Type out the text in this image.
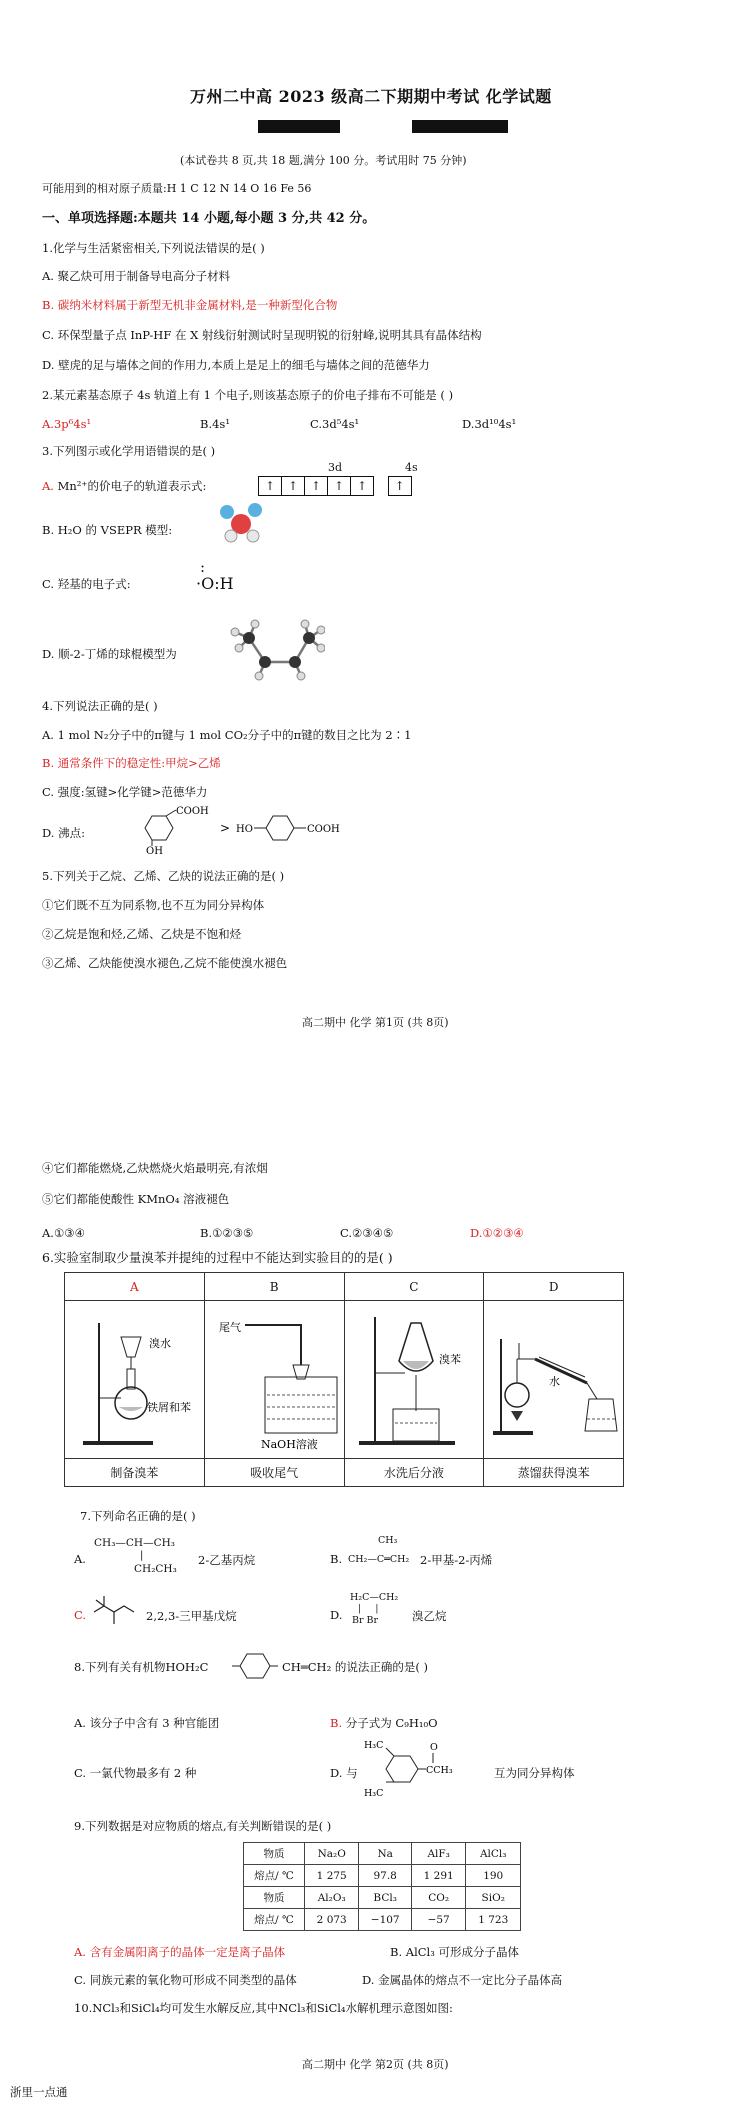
万州二中高 2023 级高二下期期中考试 化学试题
(本试卷共 8 页,共 18 题,满分 100 分。考试用时 75 分钟)
可能用到的相对原子质量:H 1 C 12 N 14 O 16 Fe 56
一、单项选择题:本题共 14 小题,每小题 3 分,共 42 分。
1.化学与生活紧密相关,下列说法错误的是( )
A. 聚乙炔可用于制备导电高分子材料
B. 碳纳米材料属于新型无机非金属材料,是一种新型化合物
C. 环保型量子点 InP-HF 在 X 射线衍射测试时呈现明锐的衍射峰,说明其具有晶体结构
D. 壁虎的足与墙体之间的作用力,本质上是足上的细毛与墙体之间的范德华力
2.某元素基态原子 4s 轨道上有 1 个电子,则该基态原子的价电子排布不可能是 ( )
A.3p⁶4s¹	B.4s¹	C.3d⁵4s¹	D.3d¹⁰4s¹
3.下列图示或化学用语错误的是( )
3d	4s
A. Mn²⁺的价电子的轨道表示式:	↑ ↑ ↑ ↑ ↑ ↑
B. H₂O 的 VSEPR 模型:
C. 羟基的电子式:
:
·O:H
D. 顺-2-丁烯的球棍模型为
4.下列说法正确的是( )
A. 1 mol N₂分子中的π键与 1 mol CO₂分子中的π键的数目之比为 2∶1
B. 通常条件下的稳定性:甲烷>乙烯
C. 强度:氢键>化学键>范德华力
D. 沸点:
COOH
OH
> HO	COOH
5.下列关于乙烷、乙烯、乙炔的说法正确的是( )
①它们既不互为同系物,也不互为同分异构体
②乙烷是饱和烃,乙烯、乙炔是不饱和烃
③乙烯、乙炔能使溴水褪色,乙烷不能使溴水褪色
高二期中 化学 第1页 (共 8页)
④它们都能燃烧,乙炔燃烧火焰最明亮,有浓烟
⑤它们都能使酸性 KMnO₄ 溶液褪色
A.①③④	B.①②③⑤	C.②③④⑤	D.①②③④
6.实验室制取少量溴苯并提纯的过程中不能达到实验目的的是( )
A	B	C	D

溴水
铁屑和苯	尾气
NaOH溶液	溴苯	水

制备溴苯	吸收尾气	水洗后分液	蒸馏获得溴苯
7.下列命名正确的是( )
A.
CH₃—CH—CH₃
|
CH₂CH₃
2-乙基丙烷	B.
CH₃
CH₂—C═CH₂ 2-甲基-2-丙烯
C.	2,2,3-三甲基戊烷	D.
H₂C—CH₂
|     |
Br Br	溴乙烷
8.下列有关有机物HOH₂C	CH═CH₂ 的说法正确的是( )
A. 该分子中含有 3 种官能团	B. 分子式为 C₉H₁₀O
C. 一氯代物最多有 2 种	D. 与
H₃C
H₃C
O
CCH₃	互为同分异构体
9.下列数据是对应物质的熔点,有关判断错误的是( )
物质	Na₂O	Na	AlF₃	AlCl₃
熔点/ ℃	1 275	97.8	1 291	190
物质	Al₂O₃	BCl₃	CO₂	SiO₂
熔点/ ℃	2 073	−107	−57	1 723
A. 含有金属阳离子的晶体一定是离子晶体	B. AlCl₃ 可形成分子晶体
C. 同族元素的氧化物可形成不同类型的晶体	D. 金属晶体的熔点不一定比分子晶体高
10.NCl₃和SiCl₄均可发生水解反应,其中NCl₃和SiCl₄水解机理示意图如图:
高二期中 化学 第2页 (共 8页)
浙里一点通
